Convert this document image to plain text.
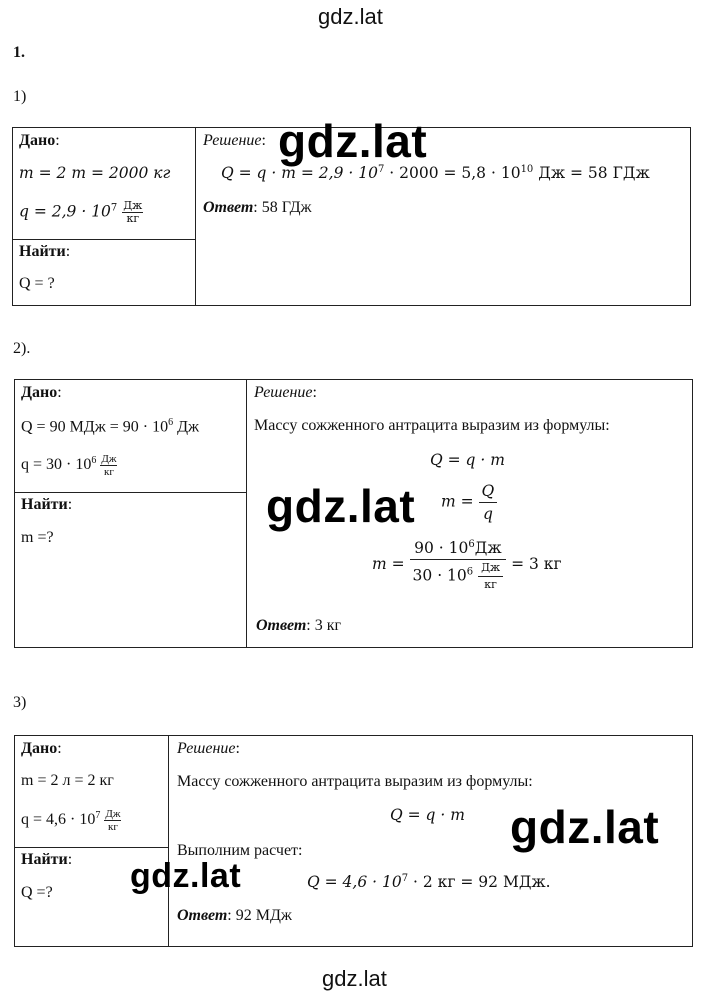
gdz.lat
gdz.lat
1.
1)
Дано:
m = 2 т = 2000 кг
$q = 2,9 \cdot 10^7 \frac{Дж}{кг}$
Найти:
Q = ?
Решение:
$Q = q \cdot m = 2,9 \cdot 10^7 \cdot 2000 = 5,8 \cdot 10^{10}$ Дж = 58 ГДж
Ответ: 58 ГДж
gdz.lat
2).
Дано:
Q = 90 МДж = $90 \cdot 10^6$ Дж
$q = 30 \cdot 10^6 \frac{Дж}{кг}$
Найти:
m =?
Решение:
Массу сожженного антрацита выразим из формулы:
Q = q · m
$m = \frac{Q}{q}$
$m = \frac{90 \cdot 10^6Дж}{30 \cdot 10^6 \frac{Дж}{кг}} = 3$ кг
Ответ: 3 кг
gdz.lat
3)
Дано:
m = 2 л = 2 кг
$q = 4,6 \cdot 10^7 \frac{Дж}{кг}$
Найти:
Q =?
Решение:
Массу сожженного антрацита выразим из формулы:
Q = q · m
Выполним расчет:
$Q = 4,6 \cdot 10^7 \cdot 2$ кг = 92 МДж.
Ответ: 92 МДж
gdz.lat
gdz.lat
